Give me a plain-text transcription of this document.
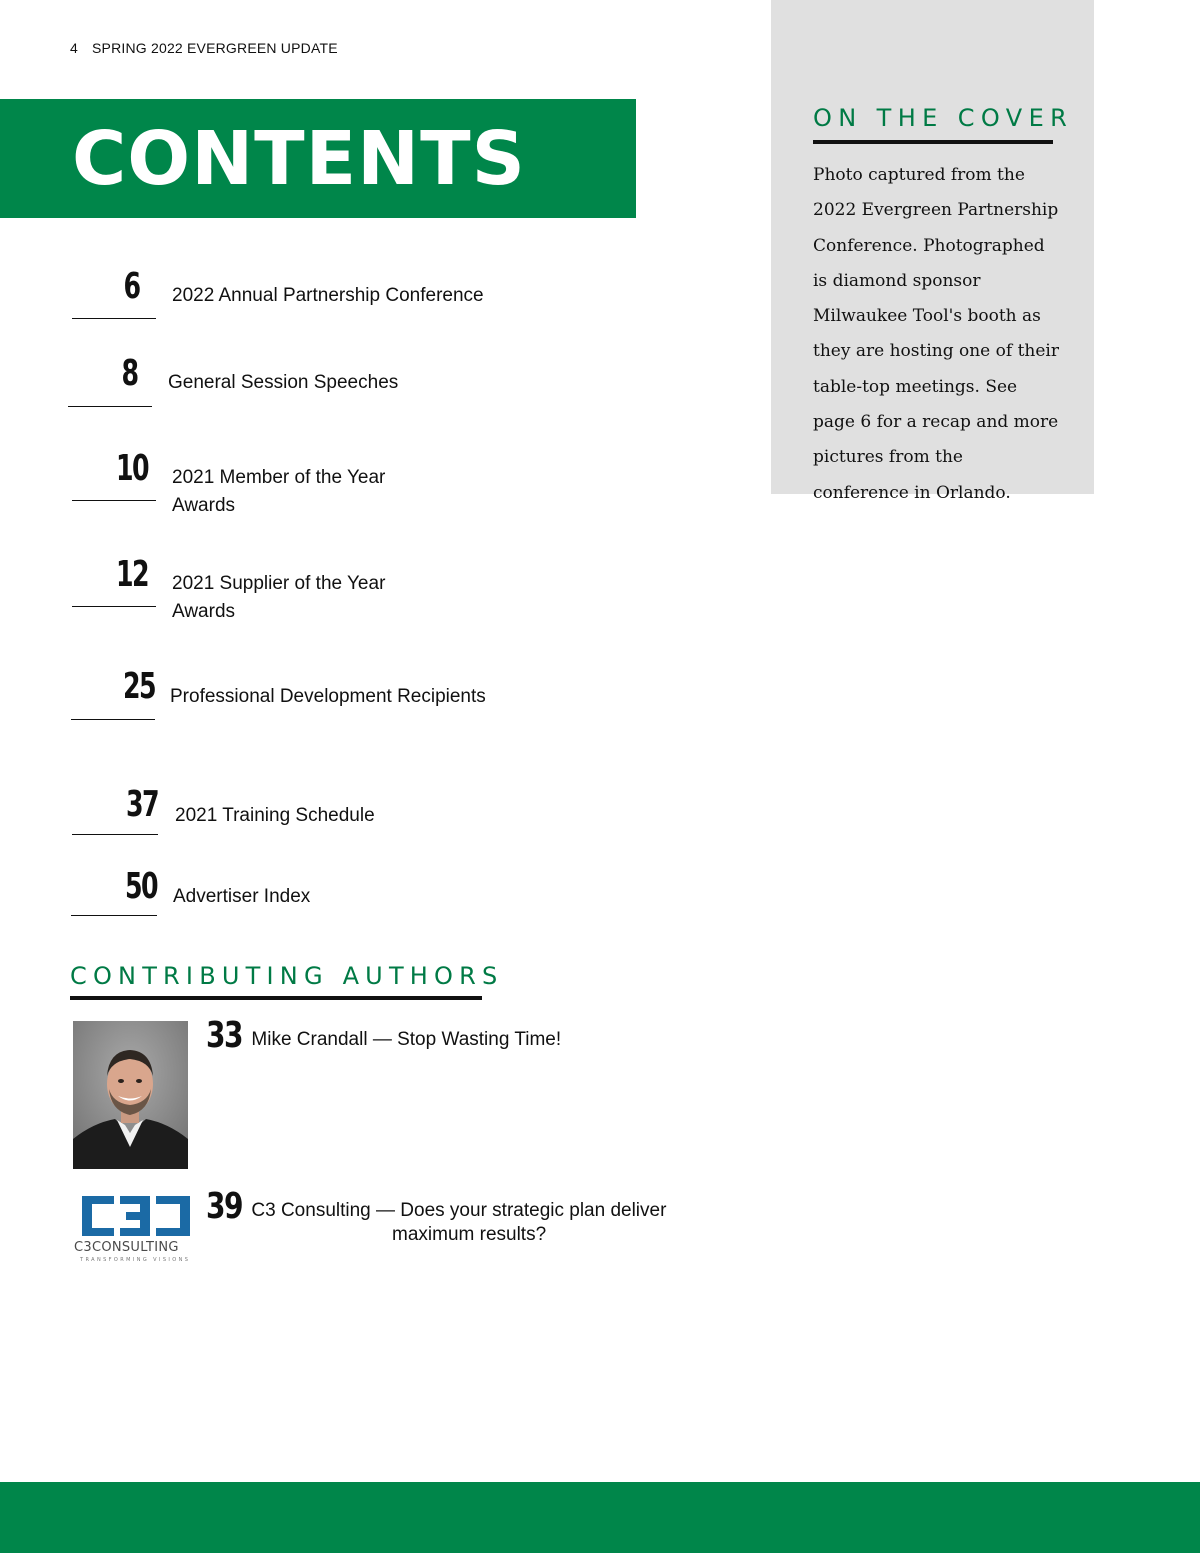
4 SPRING 2022 EVERGREEN UPDATE
CONTENTS
6 2022 Annual Partnership Conference
8 General Session Speeches
10 2021 Member of the Year Awards
12 2021 Supplier of the Year Awards
25 Professional Development Recipients
37 2021 Training Schedule
50 Advertiser Index
CONTRIBUTING AUTHORS
33 Mike Crandall — Stop Wasting Time!
C3CONSULTING
TRANSFORMING VISIONS
39 C3 Consulting — Does your strategic plan deliver
maximum results?
ON THE COVER
Photo captured from the 2022 Evergreen Partnership Conference. Photographed is diamond sponsor Milwaukee Tool's booth as they are hosting one of their table-top meetings. See page 6 for a recap and more pictures from the conference in Orlando.
